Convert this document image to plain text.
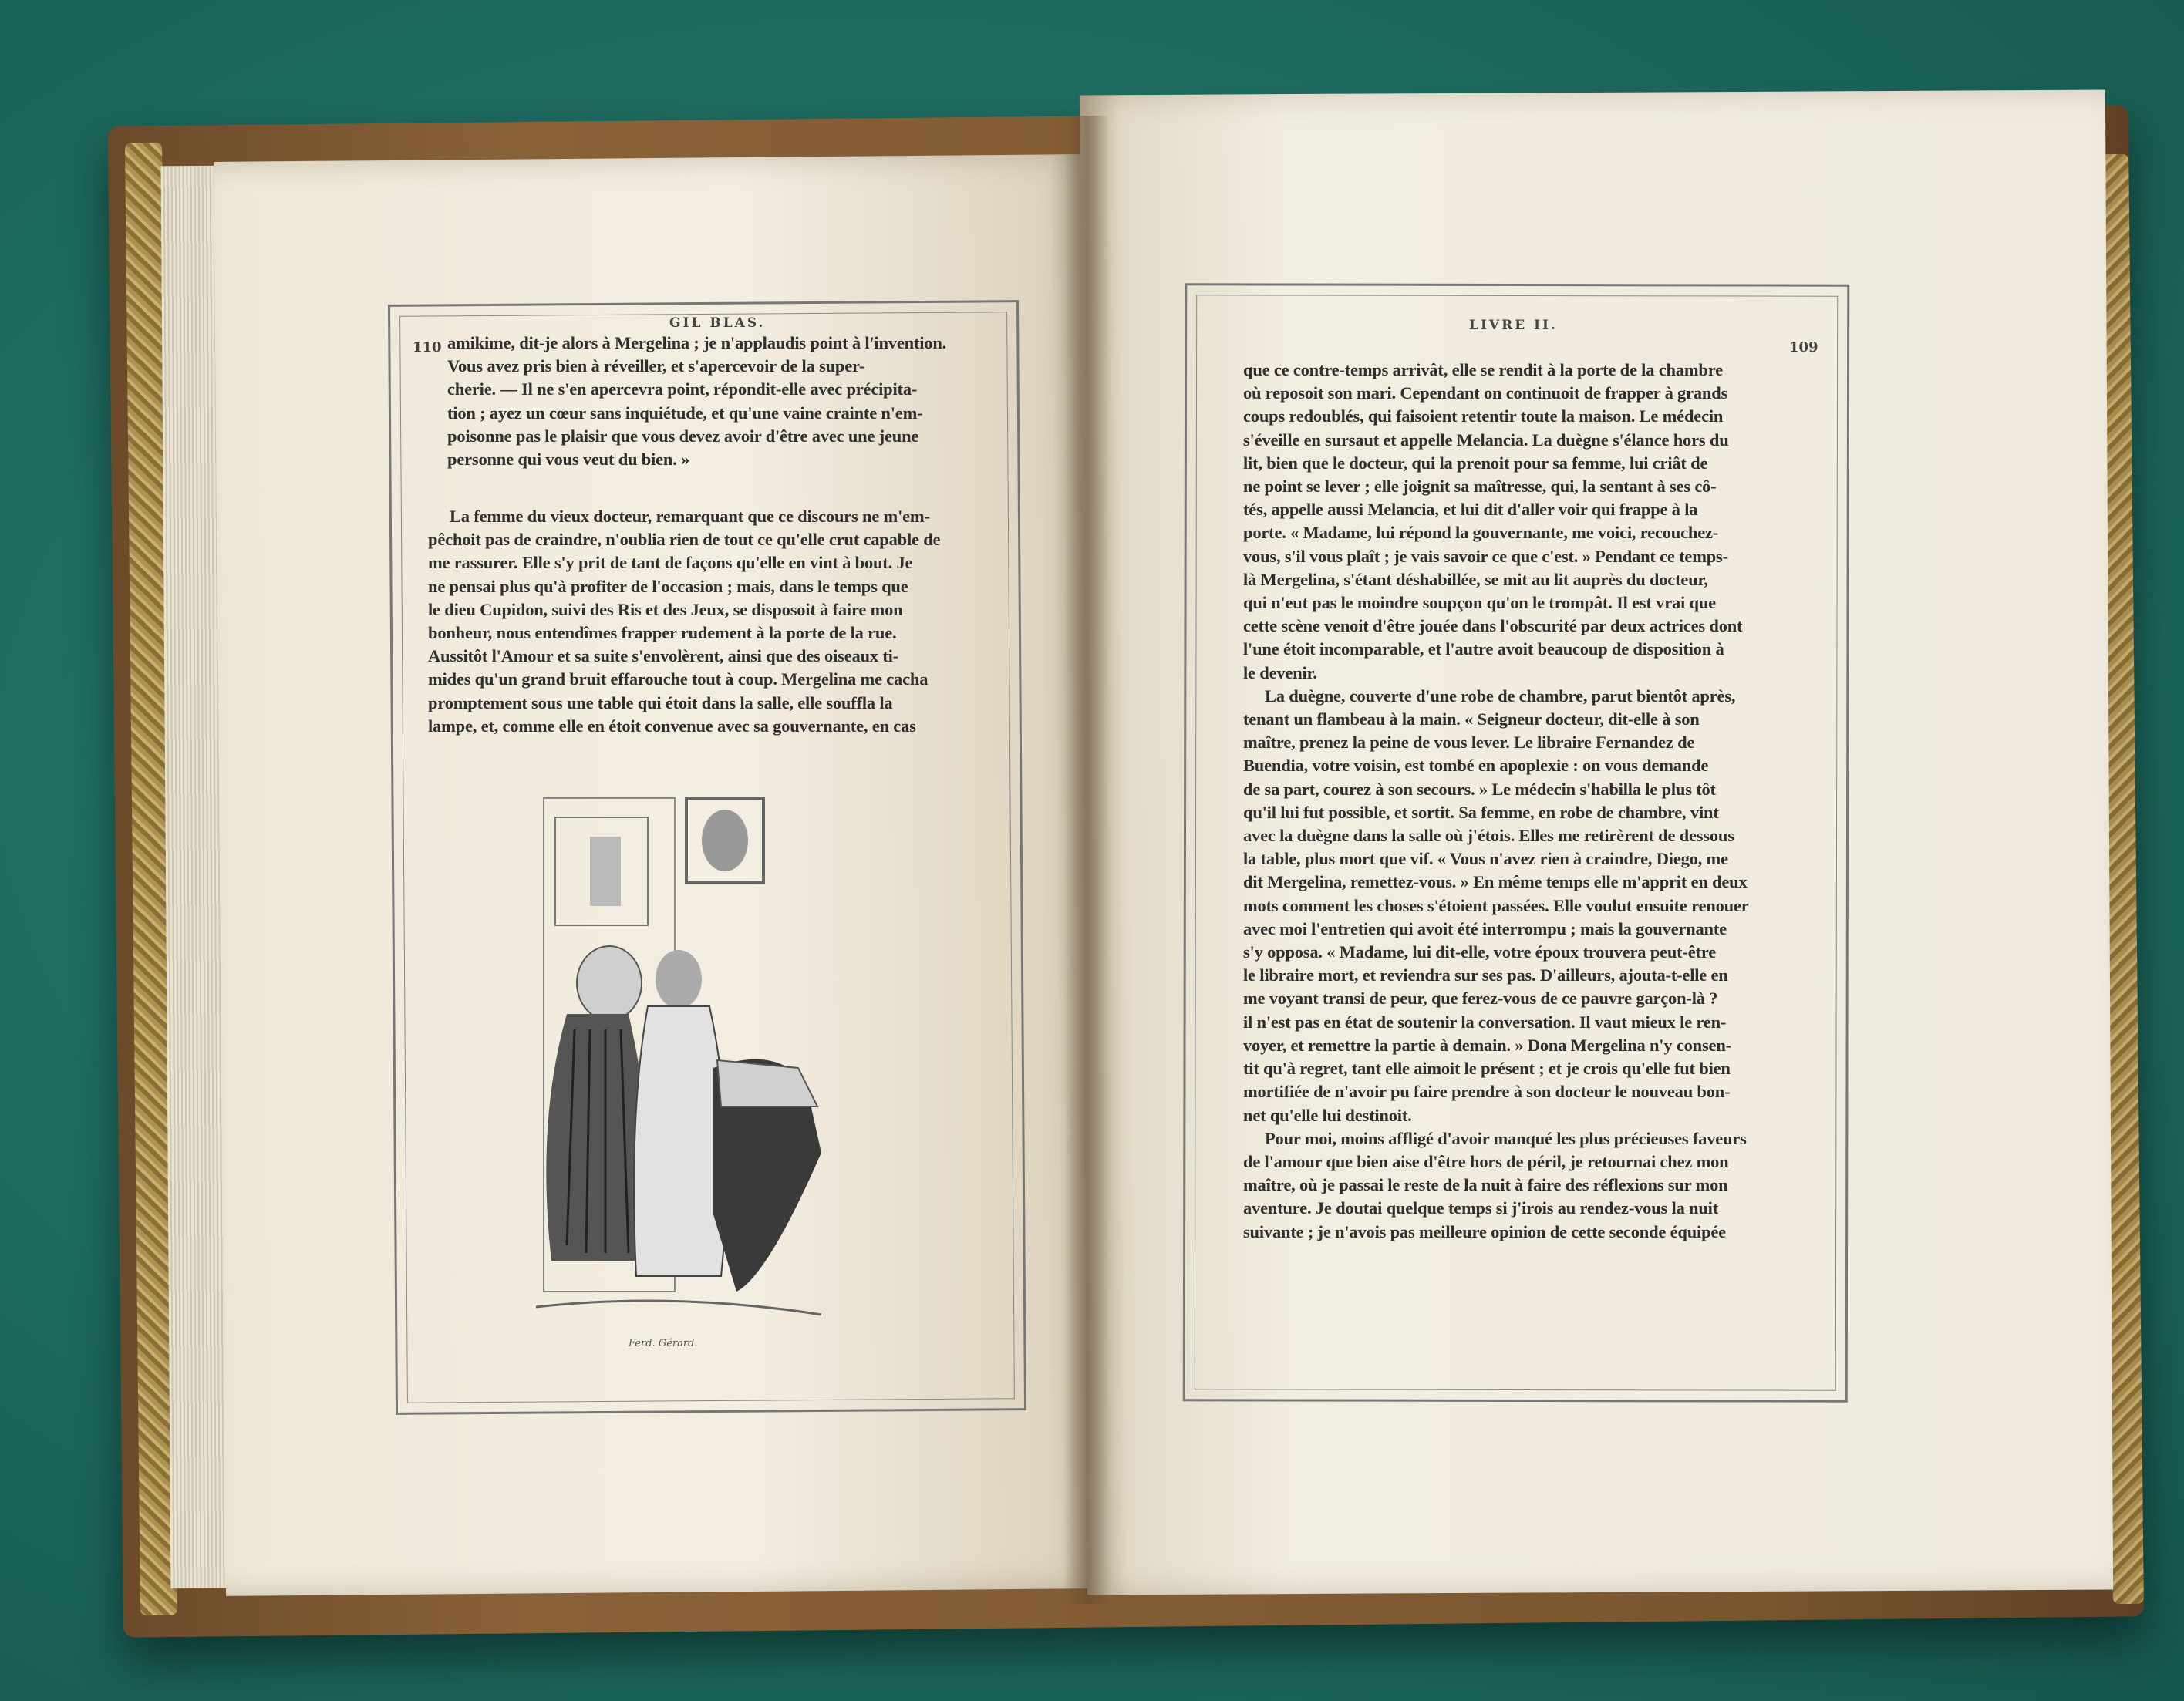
GIL BLAS.
110 amikime, dit-je alors à Mergelina ; je n'applaudis point à l'invention.
Vous avez pris bien à réveiller, et s'apercevoir de la super-
cherie. — Il ne s'en apercevra point, répondit-elle avec précipita-
tion ; ayez un cœur sans inquiétude, et qu'une vaine crainte n'em-
poisonne pas le plaisir que vous devez avoir d'être avec une jeune
personne qui vous veut du bien. »

La femme du vieux docteur, remarquant que ce discours ne m'em-
pêchoit pas de craindre, n'oublia rien de tout ce qu'elle crut capable de
me rassurer. Elle s'y prit de tant de façons qu'elle en vint à bout. Je
ne pensai plus qu'à profiter de l'occasion ; mais, dans le temps que
le dieu Cupidon, suivi des Ris et des Jeux, se disposoit à faire mon
bonheur, nous entendîmes frapper rudement à la porte de la rue.
Aussitôt l'Amour et sa suite s'envolèrent, ainsi que des oiseaux ti-
mides qu'un grand bruit effarouche tout à coup. Mergelina me cacha
promptement sous une table qui étoit dans la salle, elle souffla la
lampe, et, comme elle en étoit convenue avec sa gouvernante, en cas

Ferd. Gérard.
LIVRE II.
109

que ce contre-temps arrivât, elle se rendit à la porte de la chambre
où reposoit son mari. Cependant on continuoit de frapper à grands
coups redoublés, qui faisoient retentir toute la maison. Le médecin
s'éveille en sursaut et appelle Melancia. La duègne s'élance hors du
lit, bien que le docteur, qui la prenoit pour sa femme, lui criât de
ne point se lever ; elle joignit sa maîtresse, qui, la sentant à ses cô-
tés, appelle aussi Melancia, et lui dit d'aller voir qui frappe à la
porte. « Madame, lui répond la gouvernante, me voici, recouchez-
vous, s'il vous plaît ; je vais savoir ce que c'est. » Pendant ce temps-
là Mergelina, s'étant déshabillée, se mit au lit auprès du docteur,
qui n'eut pas le moindre soupçon qu'on le trompât. Il est vrai que
cette scène venoit d'être jouée dans l'obscurité par deux actrices dont
l'une étoit incomparable, et l'autre avoit beaucoup de disposition à
le devenir.

La duègne, couverte d'une robe de chambre, parut bientôt après,
tenant un flambeau à la main. « Seigneur docteur, dit-elle à son
maître, prenez la peine de vous lever. Le libraire Fernandez de
Buendia, votre voisin, est tombé en apoplexie : on vous demande
de sa part, courez à son secours. » Le médecin s'habilla le plus tôt
qu'il lui fut possible, et sortit. Sa femme, en robe de chambre, vint
avec la duègne dans la salle où j'étois. Elles me retirèrent de dessous
la table, plus mort que vif. « Vous n'avez rien à craindre, Diego, me
dit Mergelina, remettez-vous. » En même temps elle m'apprit en deux
mots comment les choses s'étoient passées. Elle voulut ensuite renouer
avec moi l'entretien qui avoit été interrompu ; mais la gouvernante
s'y opposa. « Madame, lui dit-elle, votre époux trouvera peut-être
le libraire mort, et reviendra sur ses pas. D'ailleurs, ajouta-t-elle en
me voyant transi de peur, que ferez-vous de ce pauvre garçon-là ?
il n'est pas en état de soutenir la conversation. Il vaut mieux le ren-
voyer, et remettre la partie à demain. » Dona Mergelina n'y consen-
tit qu'à regret, tant elle aimoit le présent ; et je crois qu'elle fut bien
mortifiée de n'avoir pu faire prendre à son docteur le nouveau bon-
net qu'elle lui destinoit.

Pour moi, moins affligé d'avoir manqué les plus précieuses faveurs
de l'amour que bien aise d'être hors de péril, je retournai chez mon
maître, où je passai le reste de la nuit à faire des réflexions sur mon
aventure. Je doutai quelque temps si j'irois au rendez-vous la nuit
suivante ; je n'avois pas meilleure opinion de cette seconde équipée
